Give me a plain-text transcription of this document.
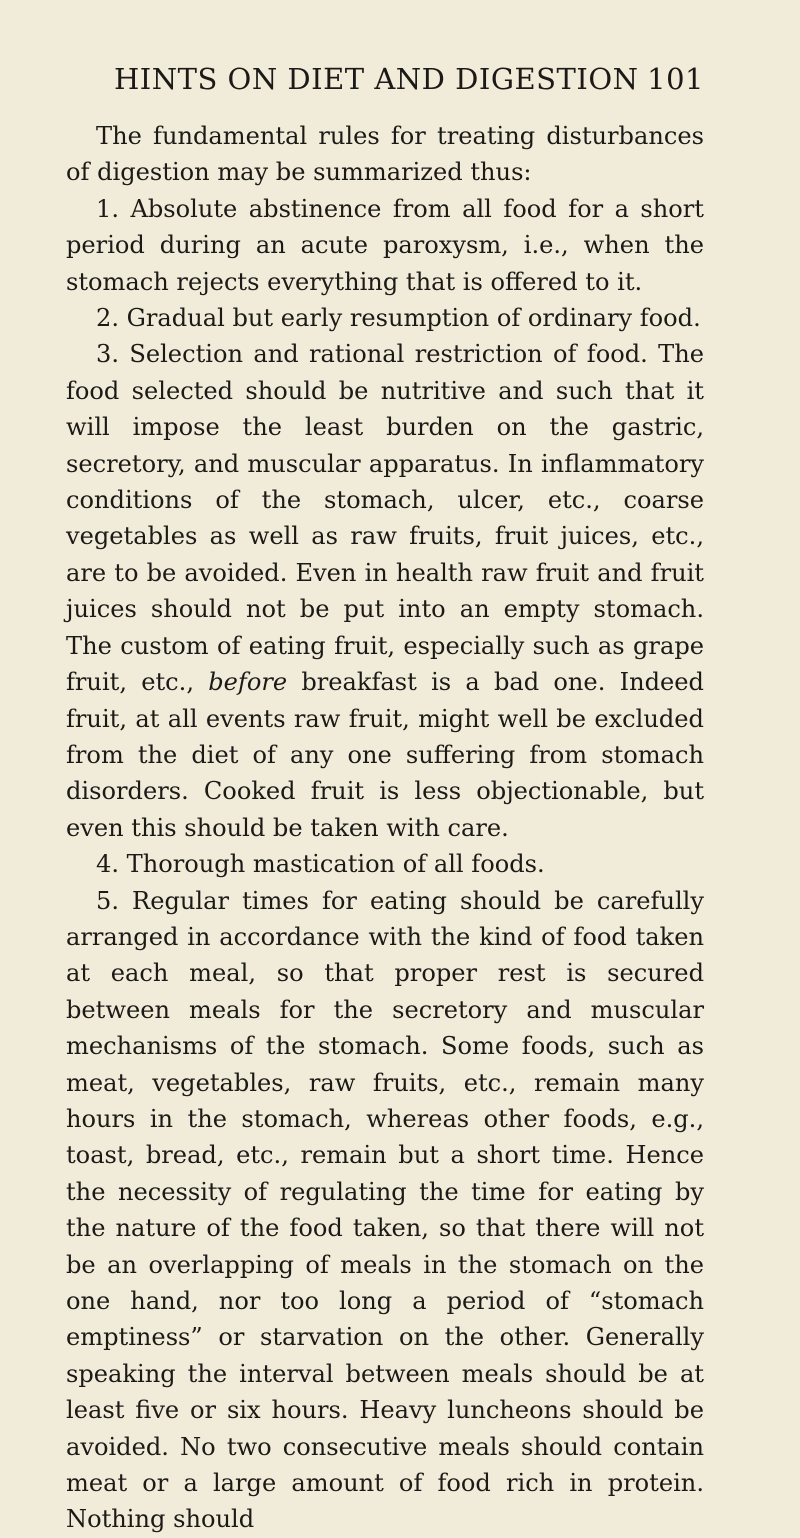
HINTS ON DIET AND DIGESTION 101

The fundamental rules for treating disturbances of digestion may be summarized thus:

1. Absolute abstinence from all food for a short period during an acute paroxysm, i.e., when the stomach rejects everything that is offered to it.

2. Gradual but early resumption of ordinary food.

3. Selection and rational restriction of food. The food selected should be nutritive and such that it will impose the least burden on the gastric, secretory, and muscular apparatus. In inflammatory conditions of the stomach, ulcer, etc., coarse vegetables as well as raw fruits, fruit juices, etc., are to be avoided. Even in health raw fruit and fruit juices should not be put into an empty stomach. The custom of eating fruit, especially such as grape fruit, etc., before breakfast is a bad one. Indeed fruit, at all events raw fruit, might well be excluded from the diet of any one suffering from stomach disorders. Cooked fruit is less objectionable, but even this should be taken with care.

4. Thorough mastication of all foods.

5. Regular times for eating should be carefully arranged in accordance with the kind of food taken at each meal, so that proper rest is secured between meals for the secretory and muscular mechanisms of the stomach. Some foods, such as meat, vegetables, raw fruits, etc., remain many hours in the stomach, whereas other foods, e.g., toast, bread, etc., remain but a short time. Hence the necessity of regulating the time for eating by the nature of the food taken, so that there will not be an overlapping of meals in the stomach on the one hand, nor too long a period of “stomach emptiness” or starvation on the other. Generally speaking the interval between meals should be at least five or six hours. Heavy luncheons should be avoided. No two consecutive meals should contain meat or a large amount of food rich in protein. Nothing should
